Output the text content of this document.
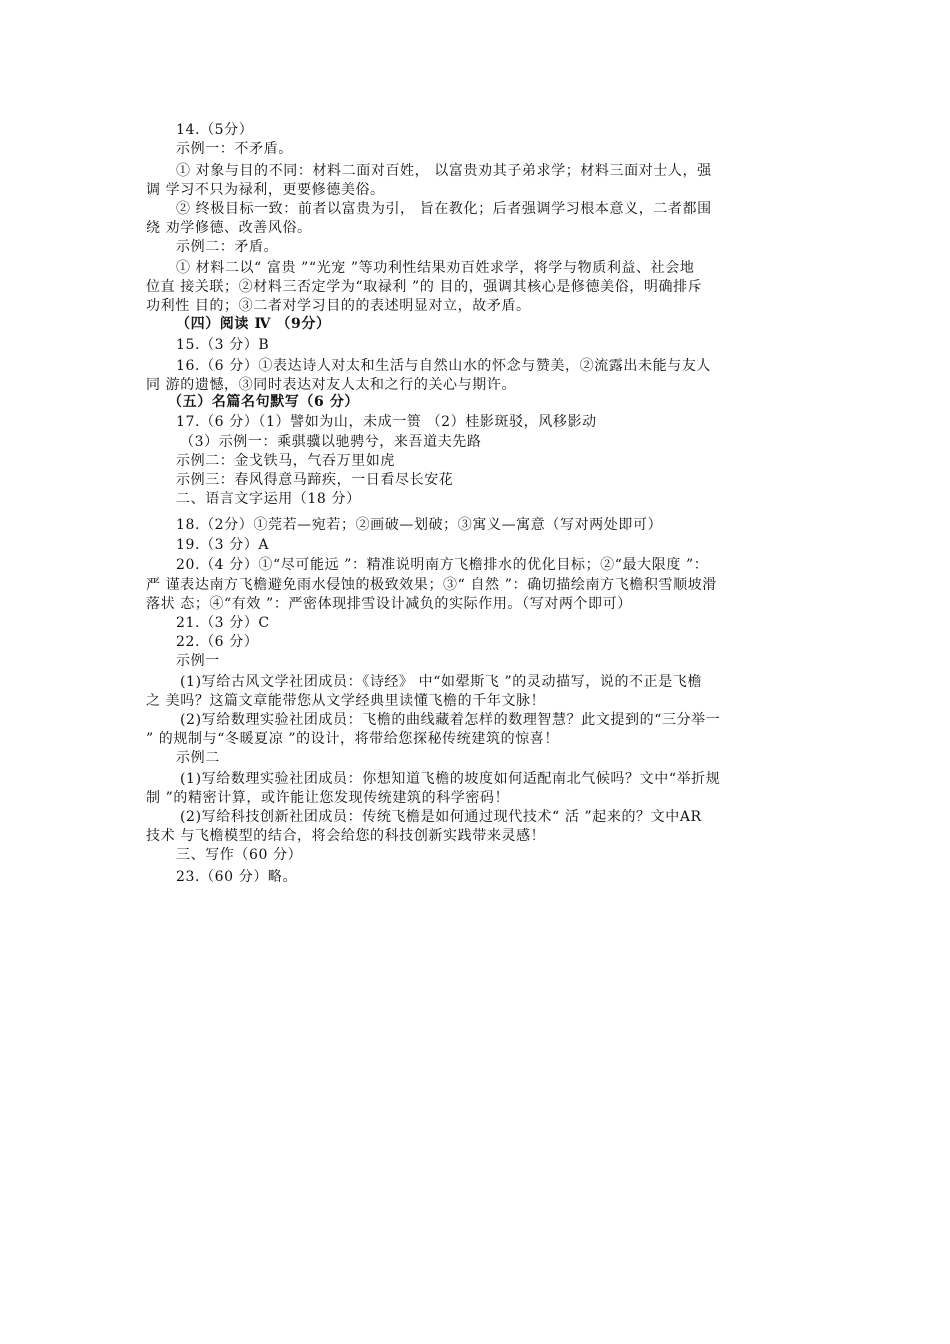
14.（5分）
示例一：不矛盾。
① 对象与目的不同：材料二面对百姓， 以富贵劝其子弟求学；材料三面对士人，强
调 学习不只为禄利，更要修德美俗。
② 终极目标一致：前者以富贵为引， 旨在教化；后者强调学习根本意义，二者都围
绕 劝学修德、改善风俗。
示例二：矛盾。
① 材料二以“ 富贵 ”“光宠 ”等功利性结果劝百姓求学，将学与物质利益、社会地
位直 接关联；②材料三否定学为“取禄利 ”的 目的，强调其核心是修德美俗，明确排斥
功利性 目的；③二者对学习目的的表述明显对立，故矛盾。
（四）阅读 Ⅳ （9分）
15.（3 分）B
16.（6 分）①表达诗人对太和生活与自然山水的怀念与赞美，②流露出未能与友人
同 游的遗憾，③同时表达对友人太和之行的关心与期许。
（五）名篇名句默写（6 分）
17.（6 分）（1）譬如为山，未成一篑 （2）桂影斑驳，风移影动
（3）示例一：乘骐骥以驰骋兮，来吾道夫先路
示例二：金戈铁马，气吞万里如虎
示例三：春风得意马蹄疾，一日看尽长安花
二、语言文字运用（18 分）
18.（2分）①莞若—宛若；②画破—划破；③寓义—寓意（写对两处即可）
19.（3 分）A
20.（4 分）①“尽可能远 ”：精准说明南方飞檐排水的优化目标；②“最大限度 ”：
严 谨表达南方飞檐避免雨水侵蚀的极致效果；③“ 自然 ”：确切描绘南方飞檐积雪顺坡滑
落状 态；④“有效 ”：严密体现排雪设计减负的实际作用。（写对两个即可）
21.（3 分）C
22.（6 分）
示例一
(1)写给古风文学社团成员：《诗经》 中“如翚斯飞 ”的灵动描写，说的不正是飞檐
之 美吗？这篇文章能带您从文学经典里读懂飞檐的千年文脉！
(2)写给数理实验社团成员：飞檐的曲线藏着怎样的数理智慧？此文提到的“三分举一
” 的规制与“冬暖夏凉 ”的设计，将带给您探秘传统建筑的惊喜！
示例二
(1)写给数理实验社团成员：你想知道飞檐的坡度如何适配南北气候吗？文中“举折规
制 ”的精密计算，或许能让您发现传统建筑的科学密码！
(2)写给科技创新社团成员：传统飞檐是如何通过现代技术“ 活 ”起来的？文中AR
技术 与飞檐模型的结合，将会给您的科技创新实践带来灵感！
三、写作（60 分）
23.（60 分）略。
